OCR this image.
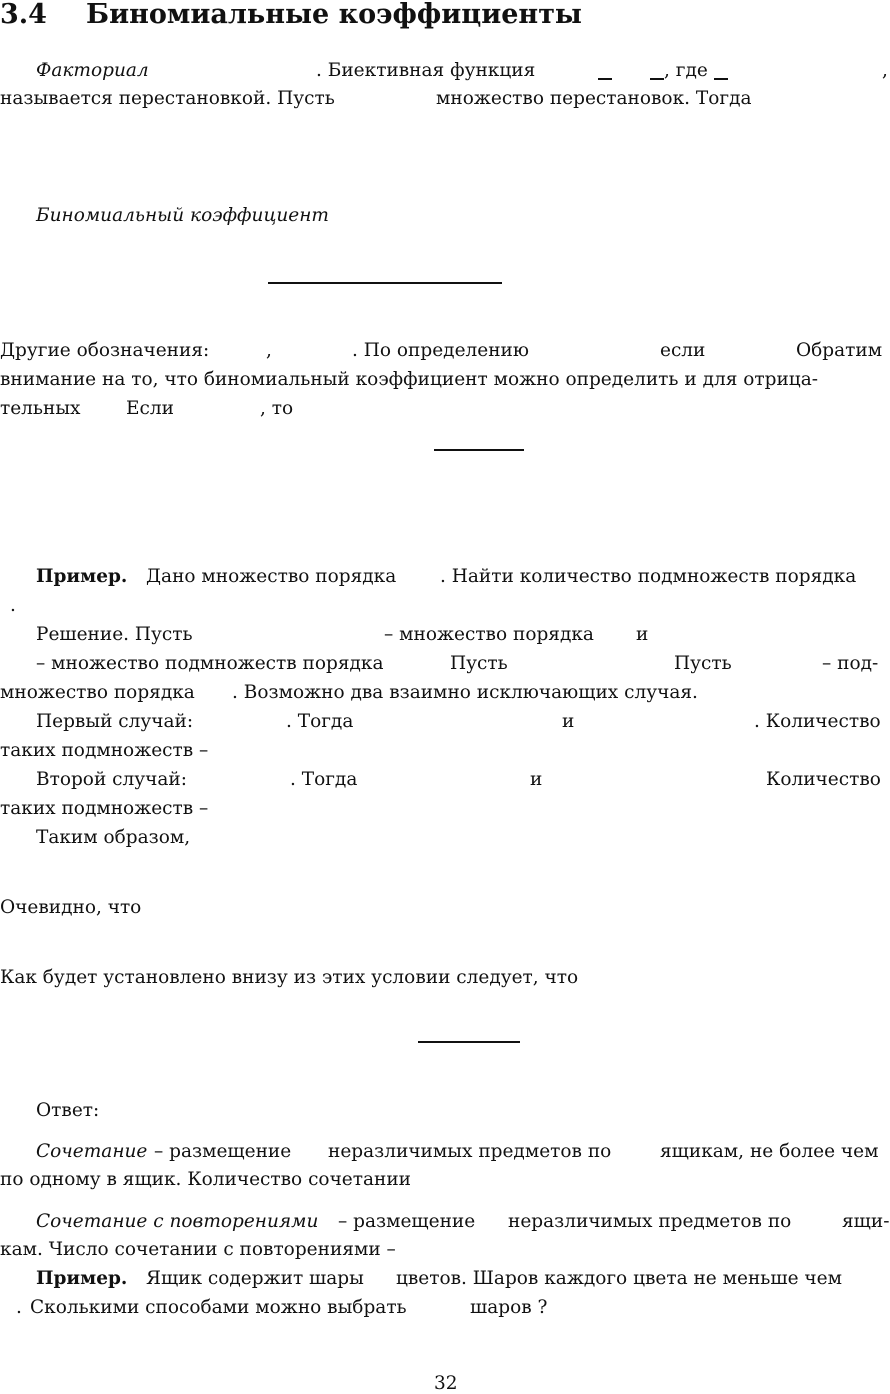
3.4 Биномиальные коэффициенты
Факториал	. Биективная функция	, где	,
называется перестановкой. Пусть	множество перестановок. Тогда
Биномиальный коэффициент
Другие обозначения:	,	. По определению	если	Обратим
внимание на то, что биномиальный коэффициент можно определить и для отрица-
тельных Если	, то
Пример. Дано множество порядка . Найти количество подмножеств порядка
.
Решение. Пусть	– множество порядка и
– множество подмножеств порядка	Пусть	Пусть	– под-
множество порядка . Возможно два взаимно исключающих случая.
Первый случай:	. Тогда	и	. Количество
таких подмножеств –
Второй случай:	. Тогда	и	Количество
таких подмножеств –
Таким образом,
Очевидно, что
Как будет установлено внизу из этих условии следует, что
Ответ:
Сочетание – размещение неразличимых предметов по	ящикам, не более чем
по одному в ящик. Количество сочетании
Сочетание с повторениями – размещение неразличимых предметов по	ящи-
кам. Число сочетании с повторениями –
Пример. Ящик содержит шары цветов. Шаров каждого цвета не меньше чем
. Сколькими способами можно выбрать	шаров ?
32
